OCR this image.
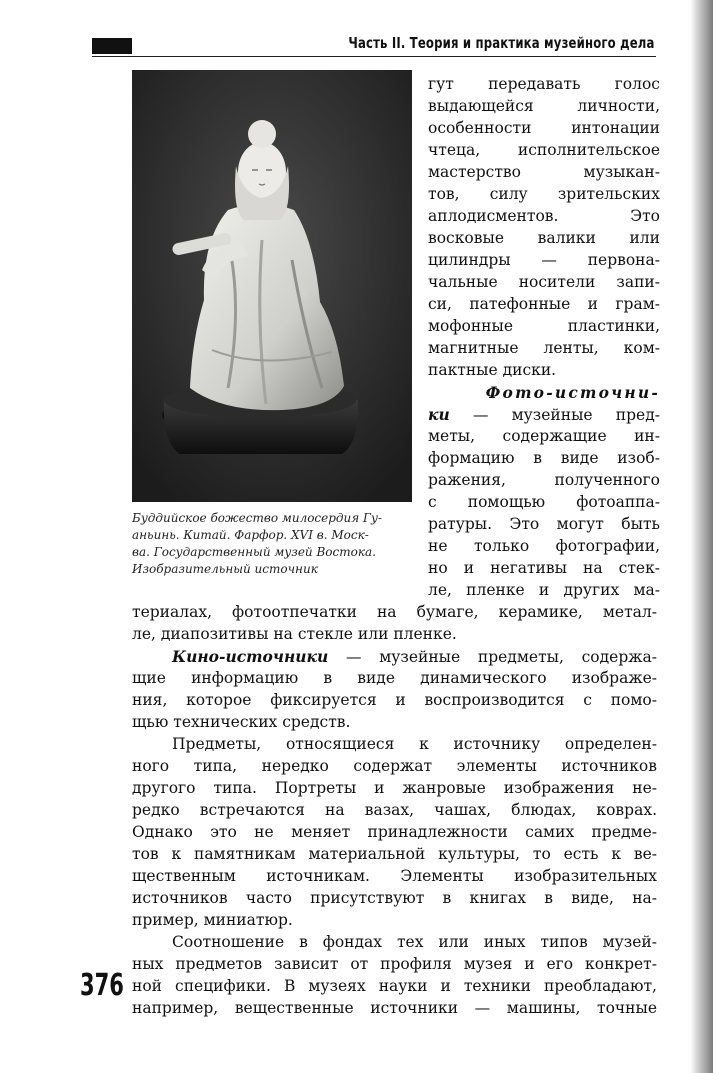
Часть II. Теория и практика музейного дела
Буддийское божество милосердия Гу-
аньинь. Китай. Фарфор. XVI в. Моск-
ва. Государственный музей Востока.
Изобразительный источник
гут передавать голос
выдающейся личности,
особенности интонации
чтеца, исполнительское
мастерство музыкан-
тов, силу зрительских
аплодисментов. Это
восковые валики или
цилиндры — первона-
чальные носители запи-
си, патефонные и грам-
мофонные пластинки,
магнитные ленты, ком-
пактные диски.
Фото-источни-
ки — музейные пред-
меты, содержащие ин-
формацию в виде изоб-
ражения, полученного
с помощью фотоаппа-
ратуры. Это могут быть
не только фотографии,
но и негативы на стек-
ле, пленке и других ма-
териалах, фотоотпечатки на бумаге, керамике, метал-
ле, диапозитивы на стекле или пленке.
Кино-источники — музейные предметы, содержа-
щие информацию в виде динамического изображе-
ния, которое фиксируется и воспроизводится с помо-
щью технических средств.
Предметы, относящиеся к источнику определен-
ного типа, нередко содержат элементы источников
другого типа. Портреты и жанровые изображения не-
редко встречаются на вазах, чашах, блюдах, коврах.
Однако это не меняет принадлежности самих предме-
тов к памятникам материальной культуры, то есть к ве-
щественным источникам. Элементы изобразительных
источников часто присутствуют в книгах в виде, на-
пример, миниатюр.
Соотношение в фондах тех или иных типов музей-
ных предметов зависит от профиля музея и его конкрет-
ной специфики. В музеях науки и техники преобладают,
например, вещественные источники — машины, точные
376
